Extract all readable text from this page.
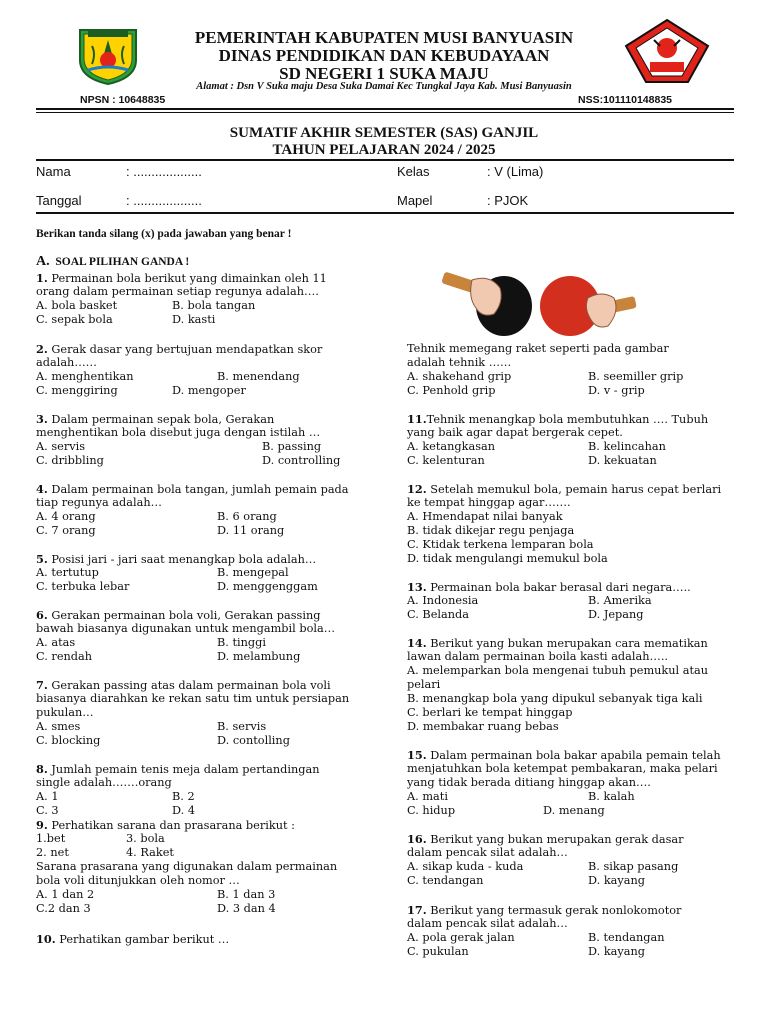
PEMERINTAH KABUPATEN MUSI BANYUASIN
DINAS PENDIDIKAN DAN KEBUDAYAAN
SD NEGERI 1 SUKA MAJU
Alamat : Dsn V Suka maju Desa Suka Damai Kec Tungkal Jaya Kab. Musi Banyuasin
NPSN : 10648835	NSS:101110148835
SUMATIF AKHIR SEMESTER (SAS) GANJIL
TAHUN PELAJARAN 2024 / 2025
Nama	: ...................	Kelas	: V (Lima)
Tanggal	: ...................	Mapel	: PJOK
Berikan tanda silang (x) pada jawaban yang benar !
A. SOAL PILIHAN GANDA !
1. Permainan bola berikut yang dimainkan oleh 11
orang dalam permainan setiap regunya adalah….
A. bola basket	B. bola tangan
C. sepak bola	D. kasti
2. Gerak dasar yang bertujuan mendapatkan skor
adalah……
A. menghentikan	B. menendang
C. menggiring	D. mengoper
3. Dalam permainan sepak bola, Gerakan
menghentikan bola disebut juga dengan istilah …
A. servis	B. passing
C. dribbling	D. controlling
4. Dalam permainan bola tangan, jumlah pemain pada
tiap regunya adalah…
A. 4 orang	B. 6 orang
C. 7 orang	D. 11 orang
5. Posisi jari - jari saat menangkap bola adalah…
A. tertutup	B. mengepal
C. terbuka lebar	D. menggenggam
6. Gerakan permainan bola voli, Gerakan passing
bawah biasanya digunakan untuk mengambil bola…
A. atas	B. tinggi
C. rendah	D. melambung
7. Gerakan passing atas dalam permainan bola voli
biasanya diarahkan ke rekan satu tim untuk persiapan
pukulan…
A. smes	B. servis
C. blocking	D. contolling
8. Jumlah pemain tenis meja dalam pertandingan
single adalah…….orang
A. 1	B. 2
C. 3	D. 4
9. Perhatikan sarana dan prasarana berikut :
1.bet	3. bola
2. net	4. Raket
Sarana prasarana yang digunakan dalam permainan
bola voli ditunjukkan oleh nomor …
A. 1 dan 2	B. 1 dan 3
C.2 dan 3	D. 3 dan 4
10. Perhatikan gambar berikut …
Tehnik memegang raket seperti pada gambar
adalah tehnik ……
A. shakehand grip	B. seemiller grip
C. Penhold grip	D. v - grip
11.Tehnik menangkap bola membutuhkan …. Tubuh
yang baik agar dapat bergerak cepet.
A. ketangkasan	B. kelincahan
C. kelenturan	D. kekuatan
12. Setelah memukul bola, pemain harus cepat berlari
ke tempat hinggap agar…….
A. Hmendapat nilai banyak
B. tidak dikejar regu penjaga
C. Ktidak terkena lemparan bola
D. tidak mengulangi memukul bola
13. Permainan bola bakar berasal dari negara…..
A. Indonesia	B. Amerika
C. Belanda	D. Jepang
14. Berikut yang bukan merupakan cara mematikan
lawan dalam permainan boila kasti adalah…..
A. melemparkan bola mengenai tubuh pemukul atau
pelari
B. menangkap bola yang dipukul sebanyak tiga kali
C. berlari ke tempat hinggap
D. membakar ruang bebas
15. Dalam permainan bola bakar apabila pemain telah
menjatuhkan bola ketempat pembakaran, maka pelari
yang tidak berada ditiang hinggap akan….
A. mati	B. kalah
C. hidup	D. menang
16. Berikut yang bukan merupakan gerak dasar
dalam pencak silat adalah…
A. sikap kuda - kuda	B. sikap pasang
C. tendangan	D. kayang
17. Berikut yang termasuk gerak nonlokomotor
dalam pencak silat adalah…
A. pola gerak jalan	B. tendangan
C. pukulan	D. kayang
